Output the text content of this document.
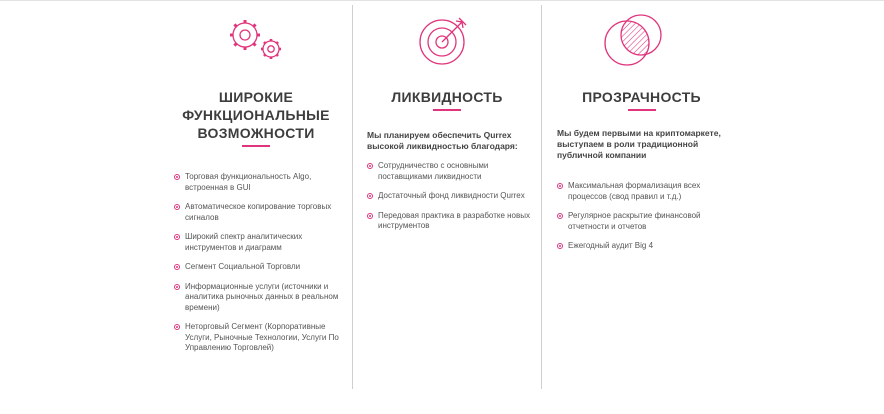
ШИРОКИЕ
ФУНКЦИОНАЛЬНЫЕ
ВОЗМОЖНОСТИ
Торговая функциональность Algo, встроенная в GUI
Автоматическое копирование торговых сигналов
Широкий спектр аналитических инструментов и диаграмм
Сегмент Социальной Торговли
Информационные услуги (источники и аналитика рыночных данных в реальном времени)
Неторговый Сегмент (Корпоративные Услуги, Рыночные Технологии, Услуги По Управлению Торговлей)
ЛИКВИДНОСТЬ
Мы планируем обеспечить Qurrex высокой ликвидностью благодаря:
Сотрудничество с основными поставщиками ликвидности
Достаточный фонд ликвидности Qurrex
Передовая практика в разработке новых инструментов
ПРОЗРАЧНОСТЬ
Мы будем первыми на криптомаркете, выступаем в роли традиционной публичной компании
Максимальная формализация всех процессов (свод правил и т.д.)
Регулярное раскрытие финансовой отчетности и отчетов
Ежегодный аудит Big 4
